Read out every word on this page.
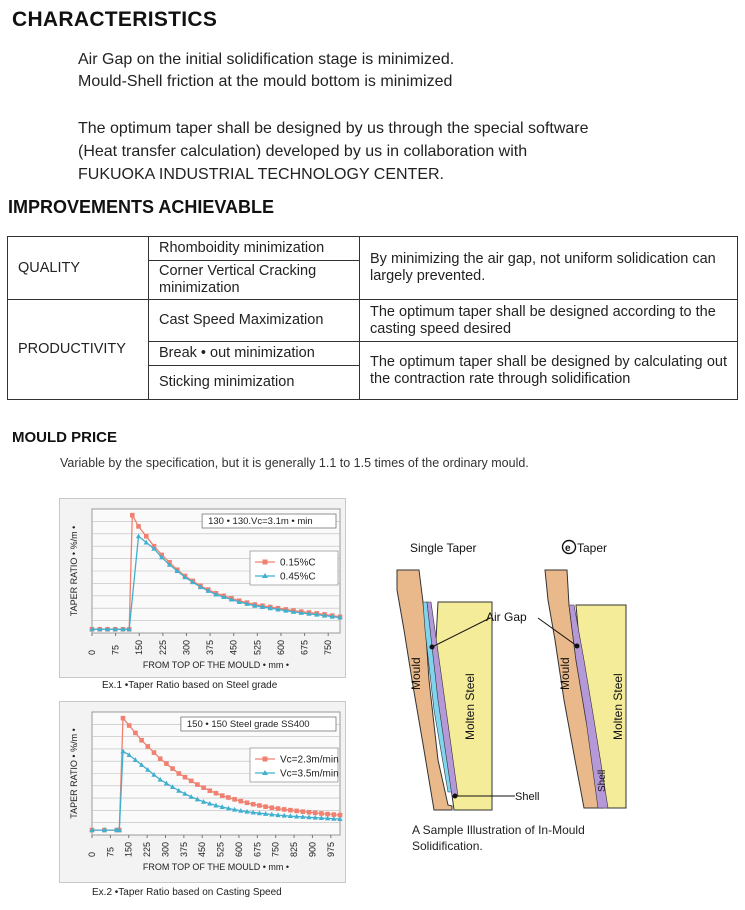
CHARACTERISTICS
Air Gap on the initial solidification stage is minimized.
Mould-Shell friction at the mould bottom is minimized
The optimum taper shall be designed by us through the special software
(Heat transfer calculation) developed by us in collaboration with
FUKUOKA INDUSTRIAL TECHNOLOGY CENTER.
IMPROVEMENTS ACHIEVABLE
QUALITY	Rhomboidity minimization	By minimizing the air gap, not uniform solidication can largely prevented.
	Corner Vertical Cracking minimization	
PRODUCTIVITY	Cast Speed Maximization	The optimum taper shall be designed according to the casting speed desired
	Break • out minimization	The optimum taper shall be designed by calculating out the contraction rate through solidification
	Sticking minimization	
MOULD PRICE
Variable by the specification, but it is generally 1.1 to 1.5 times of the ordinary mould.
0 75 150 225 300 375 450 525 600 675 750
FROM TOP OF THE MOULD • mm •
TAPER RATIO • %/m •
130 • 130.Vc=3.1m • min
0.15%C
0.45%C
Ex.1 •Taper Ratio based on Steel grade
0 75 150 225 300 375 450 525 600 675 750 825 900 975
FROM TOP OF THE MOULD • mm •
TAPER RATIO • %/m •
150 • 150 Steel grade SS400
Vc=2.3m/min
Vc=3.5m/min
Ex.2 •Taper Ratio based on Casting Speed
Single Taper	e Taper
Air Gap
Shell
Mould	Molten Steel	Mould	Molten Steel
Shell
A Sample Illustration of In-Mould
Solidification.
